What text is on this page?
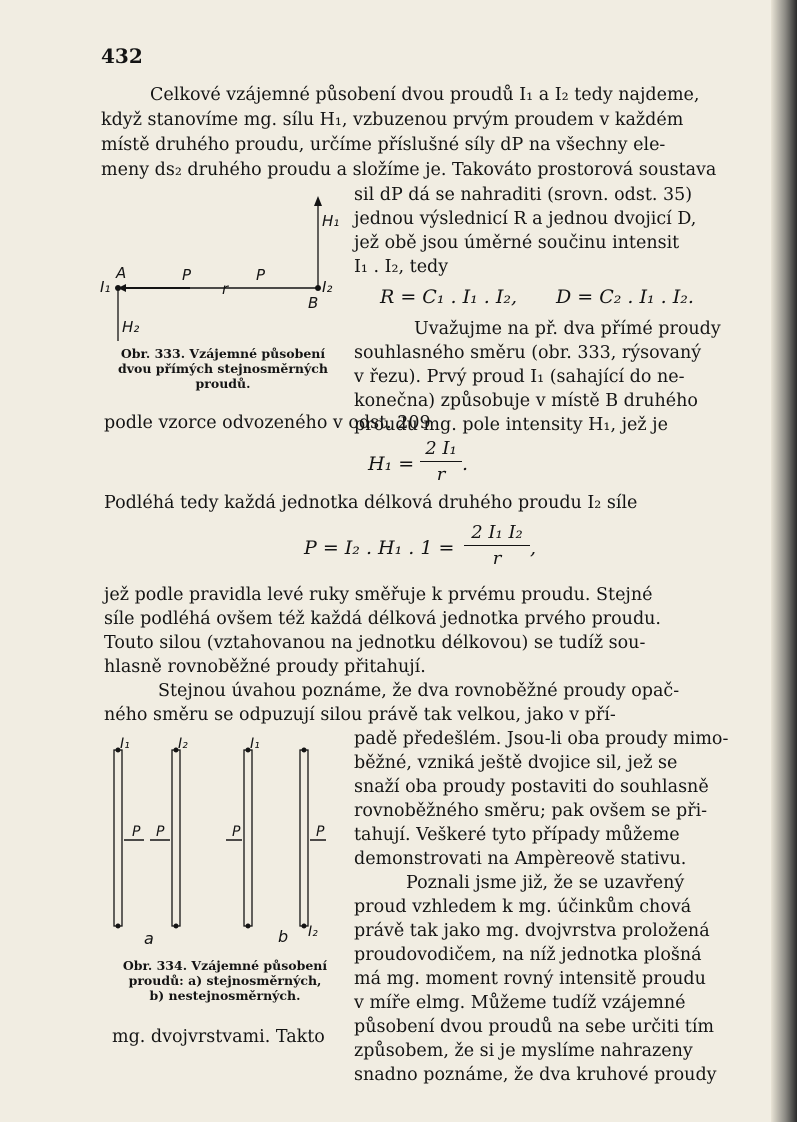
432
Celkové vzájemné působení dvou proudů I₁ a I₂ tedy najdeme,
když stanovíme mg. sílu H₁, vzbuzenou prvým proudem v každém
místě druhého proudu, určíme příslušné síly dP na všechny ele-
meny ds₂ druhého proudu a složíme je. Takováto prostorová soustava
sil dP dá se nahraditi (srovn. odst. 35)
jednou výslednicí R a jednou dvojicí D,
jež obě jsou úměrné součinu intensit
I₁ . I₂, tedy
R = C₁ . I₁ . I₂, D = C₂ . I₁ . I₂.
Uvažujme na př. dva přímé proudy
souhlasného směru (obr. 333, rýsovaný
v řezu). Prvý proud I₁ (sahající do ne-
konečna) způsobuje v místě B druhého
proudu mg. pole intensity H₁, jež je
H₁
I₁
A	P
r
P
I₂
B
H₂
Obr. 333. Vzájemné působení
dvou přímých stejnosměrných
proudů.
podle vzorce odvozeného v odst. 209
H₁ =
2 I₁
r .
Podléhá tedy každá jednotka délková druhého proudu I₂ síle
P = I₂ . H₁ . 1 =
2 I₁ I₂
r	,
jež podle pravidla levé ruky směřuje k prvému proudu. Stejné
síle podléhá ovšem též každá délková jednotka prvého proudu.
Touto silou (vztahovanou na jednotku délkovou) se tudíž sou-
hlasně rovnoběžné proudy přitahují.
Stejnou úvahou poznáme, že dva rovnoběžné proudy opač-
ného směru se odpuzují silou právě tak velkou, jako v pří-
padě předešlém. Jsou-li oba proudy mimo-
běžné, vzniká ještě dvojice sil, jež se
snaží oba proudy postaviti do souhlasně
rovnoběžného směru; pak ovšem se při-
tahují. Veškeré tyto případy můžeme
demonstrovati na Ampèreově stativu.
Poznali jsme již, že se uzavřený
proud vzhledem k mg. účinkům chová
právě tak jako mg. dvojvrstva proložená
proudovodičem, na níž jednotka plošná
má mg. moment rovný intensitě proudu
v míře elmg. Můžeme tudíž vzájemné
působení dvou proudů na sebe určiti tím
způsobem, že si je myslíme nahrazeny
I₁	I₂
P P
a
I₁
I₂
P	P
b
Obr. 334. Vzájemné působení
proudů: a) stejnosměrných,
b) nestejnosměrných.
mg. dvojvrstvami. Takto
snadno poznáme, že dva kruhové proudy
